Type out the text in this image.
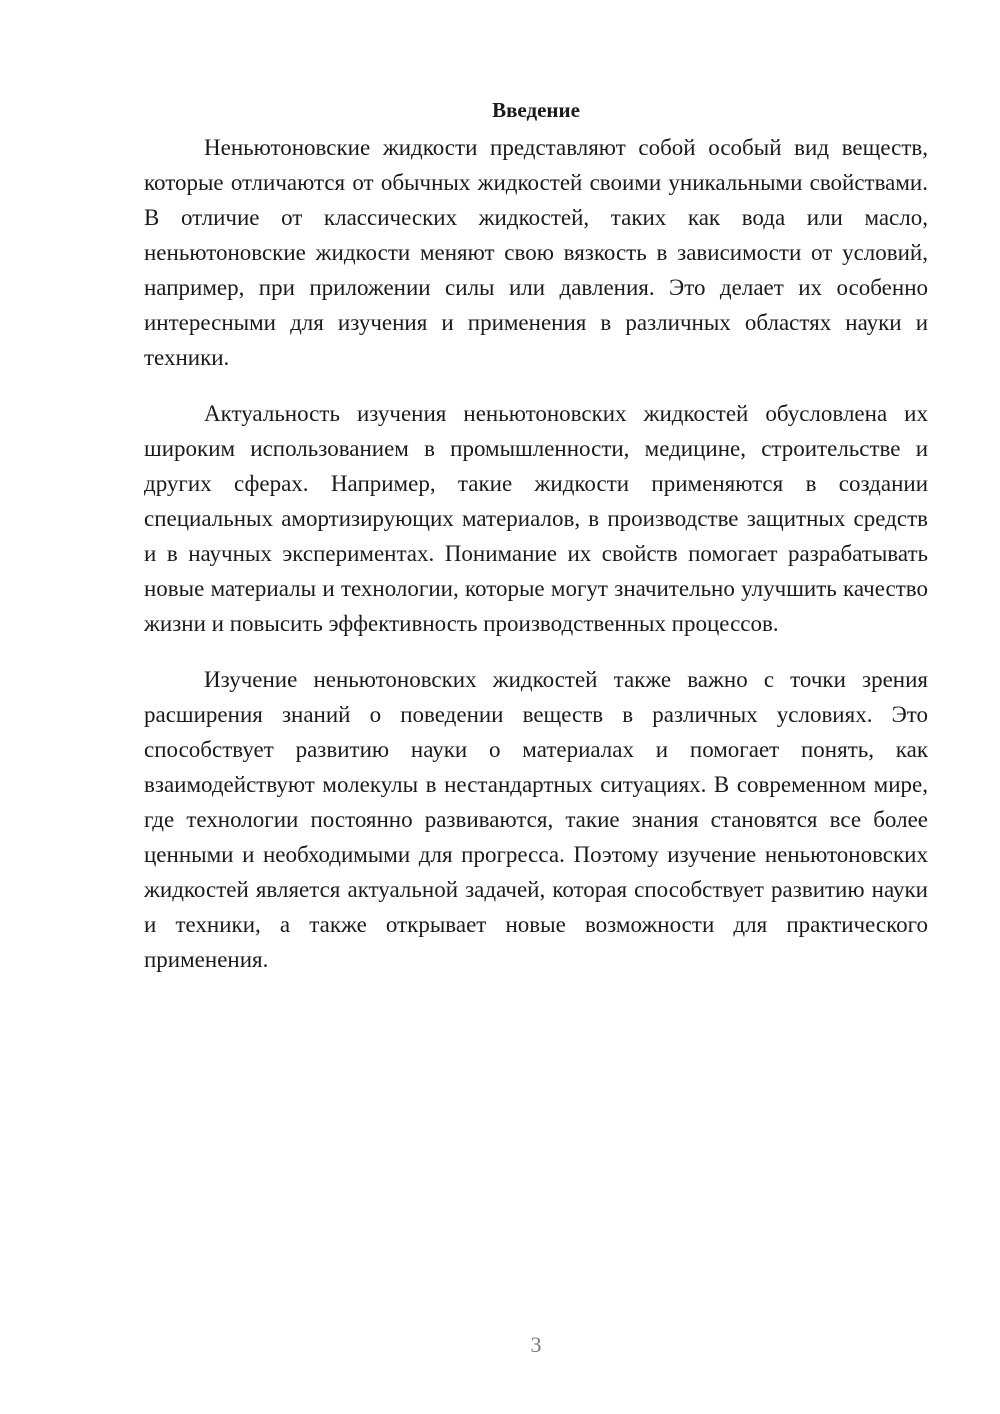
Введение

Неньютоновские жидкости представляют собой особый вид веществ, которые отличаются от обычных жидкостей своими уникальными свойствами. В отличие от классических жидкостей, таких как вода или масло, неньютоновские жидкости меняют свою вязкость в зависимости от условий, например, при приложении силы или давления. Это делает их особенно интересными для изучения и применения в различных областях науки и техники.

Актуальность изучения неньютоновских жидкостей обусловлена их широким использованием в промышленности, медицине, строительстве и других сферах. Например, такие жидкости применяются в создании специальных амортизирующих материалов, в производстве защитных средств и в научных экспериментах. Понимание их свойств помогает разрабатывать новые материалы и технологии, которые могут значительно улучшить качество жизни и повысить эффективность производственных процессов.

Изучение неньютоновских жидкостей также важно с точки зрения расширения знаний о поведении веществ в различных условиях. Это способствует развитию науки о материалах и помогает понять, как взаимодействуют молекулы в нестандартных ситуациях. В современном мире, где технологии постоянно развиваются, такие знания становятся все более ценными и необходимыми для прогресса. Поэтому изучение неньютоновских жидкостей является актуальной задачей, которая способствует развитию науки и техники, а также открывает новые возможности для практического применения.

3
